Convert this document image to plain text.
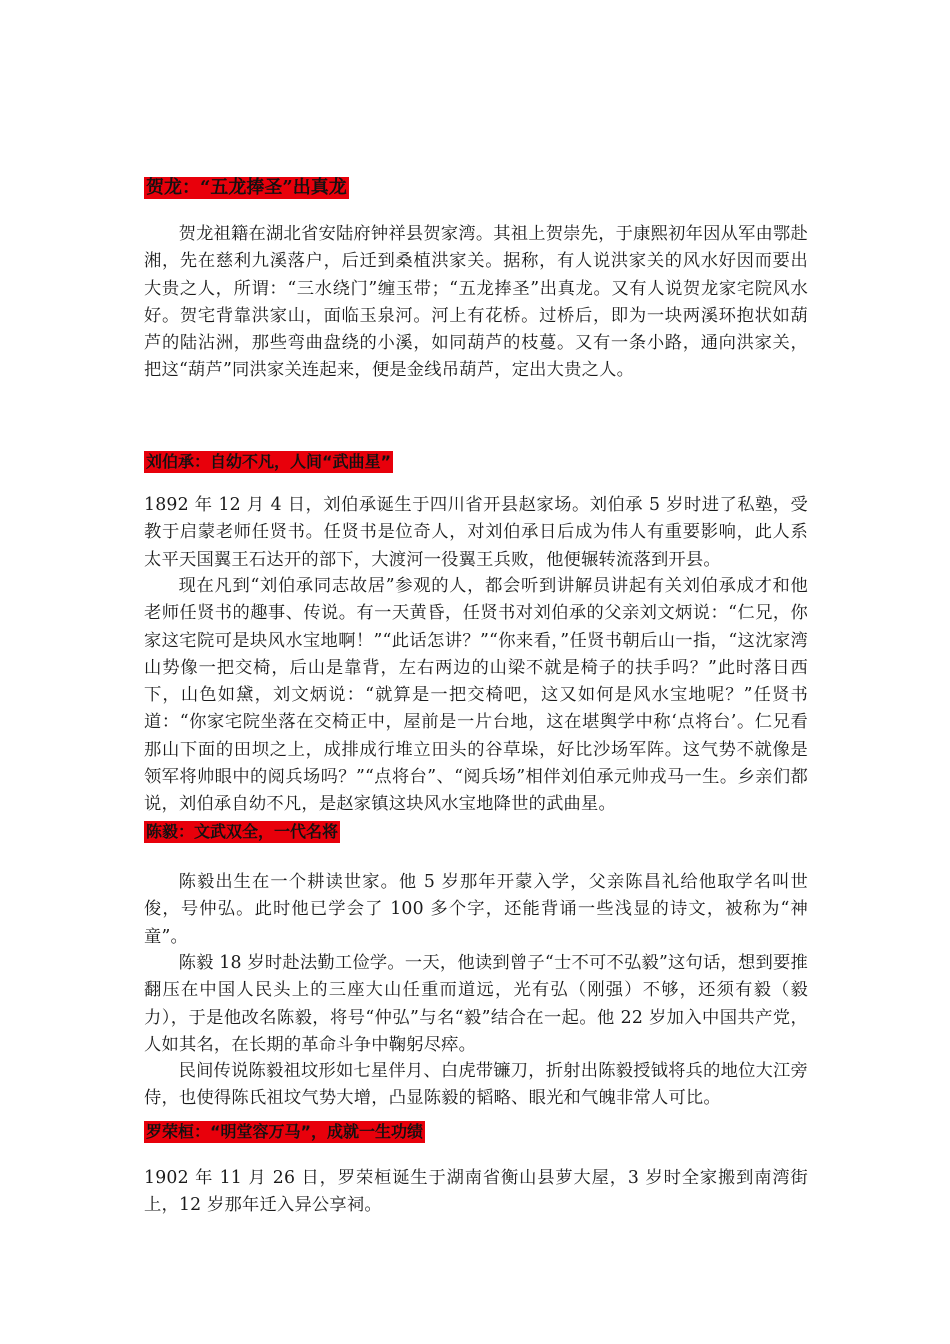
贺龙：“五龙捧圣”出真龙

贺龙祖籍在湖北省安陆府钟祥县贺家湾。其祖上贺崇先，于康熙初年因从军由鄂赴湘，先在慈利九溪落户，后迁到桑植洪家关。据称，有人说洪家关的风水好因而要出大贵之人，所谓：“三水绕门”缠玉带；“五龙捧圣”出真龙。又有人说贺龙家宅院风水好。贺宅背靠洪家山，面临玉泉河。河上有花桥。过桥后，即为一块两溪环抱状如葫芦的陆沾洲，那些弯曲盘绕的小溪，如同葫芦的枝蔓。又有一条小路，通向洪家关，把这“葫芦”同洪家关连起来，便是金线吊葫芦，定出大贵之人。

刘伯承：自幼不凡，人间“武曲星”

1892 年 12 月 4 日，刘伯承诞生于四川省开县赵家场。刘伯承 5 岁时进了私塾，受教于启蒙老师任贤书。任贤书是位奇人，对刘伯承日后成为伟人有重要影响，此人系太平天国翼王石达开的部下，大渡河一役翼王兵败，他便辗转流落到开县。

现在凡到“刘伯承同志故居”参观的人，都会听到讲解员讲起有关刘伯承成才和他老师任贤书的趣事、传说。有一天黄昏，任贤书对刘伯承的父亲刘文炳说：“仁兄，你家这宅院可是块风水宝地啊！”“此话怎讲？”“你来看，”任贤书朝后山一指，“这沈家湾山势像一把交椅，后山是靠背，左右两边的山梁不就是椅子的扶手吗？”此时落日西下，山色如黛，刘文炳说：“就算是一把交椅吧，这又如何是风水宝地呢？”任贤书道：“你家宅院坐落在交椅正中，屋前是一片台地，这在堪舆学中称‘点将台’。仁兄看那山下面的田坝之上，成排成行堆立田头的谷草垛，好比沙场军阵。这气势不就像是领军将帅眼中的阅兵场吗？”“点将台”、“阅兵场”相伴刘伯承元帅戎马一生。乡亲们都说，刘伯承自幼不凡，是赵家镇这块风水宝地降世的武曲星。

陈毅：文武双全，一代名将

陈毅出生在一个耕读世家。他 5 岁那年开蒙入学，父亲陈昌礼给他取学名叫世俊，号仲弘。此时他已学会了 100 多个字，还能背诵一些浅显的诗文，被称为“神童”。

陈毅 18 岁时赴法勤工俭学。一天，他读到曾子“士不可不弘毅”这句话，想到要推翻压在中国人民头上的三座大山任重而道远，光有弘（刚强）不够，还须有毅（毅力），于是他改名陈毅，将号“仲弘”与名“毅”结合在一起。他 22 岁加入中国共产党，人如其名，在长期的革命斗争中鞠躬尽瘁。

民间传说陈毅祖坟形如七星伴月、白虎带镰刀，折射出陈毅授钺将兵的地位大江旁侍，也使得陈氏祖坟气势大增，凸显陈毅的韬略、眼光和气魄非常人可比。

罗荣桓：“明堂容万马”，成就一生功绩

1902 年 11 月 26 日，罗荣桓诞生于湖南省衡山县萝大屋，3 岁时全家搬到南湾街上，12 岁那年迁入异公享祠。
